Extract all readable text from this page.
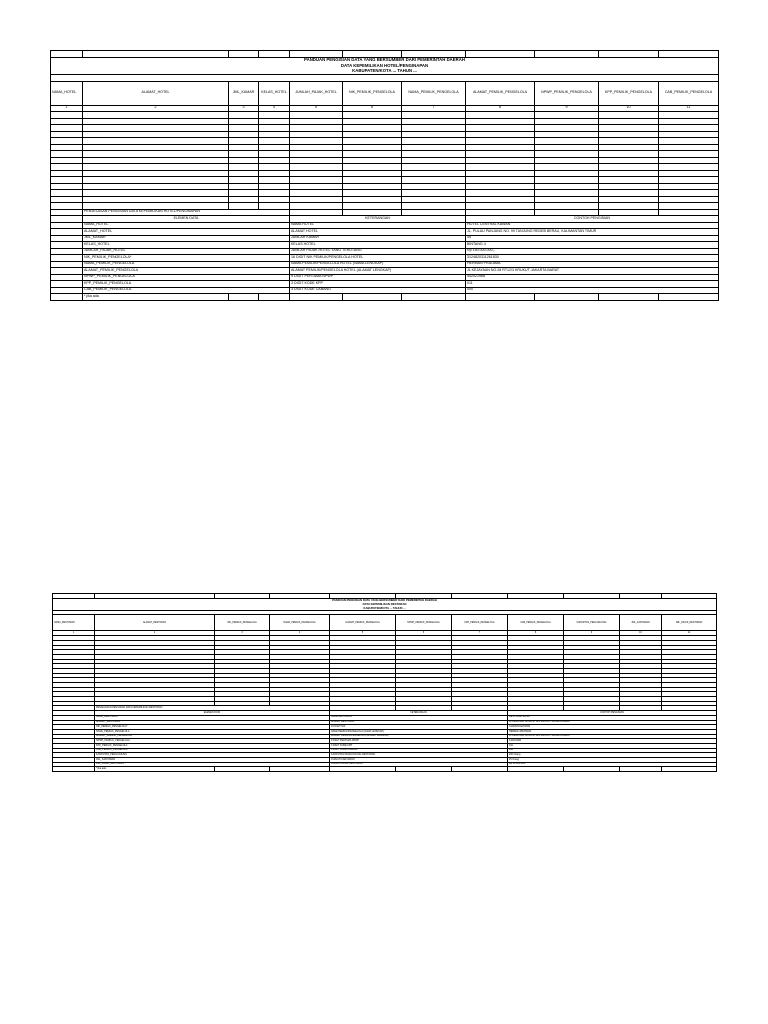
PANDUAN PENGISIAN DATA YANG BERSUMBER DARI PEMERINTAH DAERAH										
DATA KEPEMILIKAN HOTEL/PENGINAPAN										
KABUPATEN/KOTA ... TAHUN ...										

NAMA_HOTEL	ALAMAT_HOTEL	JML_KAMAR	KELAS_HOTEL	JUMLAH_PAJAK_HOTEL	NIK_PEMILIK_PENGELOLA	NAMA_PEMILIK_PENGELOLA	ALAMAT_PEMILIK_PENGELOLA	NPWP_PEMILIK_PENGELOLA	KPP_PEMILIK_PENGELOLA	CAB_PEMILIK_PENGELOLA
1	2	3	4	5	6	7	8	9	10	11

	PENJELASAN PENGISIAN DATA KEPEMILIKAN HOTEL/PENGINAPAN									
	ELEMEN DATA			KETERANGAN			CONTOH PENGISIAN			
	NAMA_HOTEL			NAMA HOTEL			HOTEL CENTRAL KAWAN			
	ALAMAT_HOTEL			ALAMAT HOTEL			JL. PULAU PANJANG NO. 99 TANJUNG REDEB BERAU, KALIMANTAN TIMUR			
	JML_KAMAR			JUMLAH KAMAR			45			
	KELAS_HOTEL			KELAS HOTEL			BINTANG 4			
	JUMLAH_PAJAK_HOTEL			JUMLAH PAJAK HOTEL YANG TERUTANG			Rp 150.000.000,-			
	NIK_PEMILIK_PENGELOLA*			16 DIGIT NIK PEMILIK/PENGELOLA HOTEL			3124820311261830			
	NAMA_PEMILIK_PENGELOLA			NAMA PEMILIK/PENGELOLA HOTEL (NAMA LENGKAP)			HERMAN PRATAMA			
	ALAMAT_PEMILIK_PENGELOLA			ALAMAT PEMILIK/PENGELOLA HOTEL (ALAMAT LENGKAP)			JL KEJAYAAN NO.28 RT12/3 KRUKUT JAKARTA BARAT			
	NPWP_PEMILIK_PENGELOLA			9 DIGIT PERTAMA NPWP			442021968			
	KPP_PEMILIK_PENGELOLA			3 DIGIT KODE KPP			011			
	CAB_PEMILIK_PENGELOLA			3 DIGIT KODE CABANG			000			
	* jika ada									

PANDUAN PENGISIAN DATA YANG BERSUMBER DARI PEMERINTAH DAERAH										
DATA KEPEMILIKAN RESTORAN										
KABUPATEN/KOTA ... TAHUN ...										

NAMA_RESTORAN	ALAMAT_RESTORAN	NIK_PEMILIK_PENGELOLA	NAMA_PEMILIK_PENGELOLA	ALAMAT_PEMILIK_PENGELOLA	NPWP_PEMILIK_PENGELOLA	KPP_PEMILIK_PENGELOLA	CAB_PEMILIK_PENGELOLA	KAPASITAS_PENGUNJUNG	JML_KARYAWAN	JML_PAJAK_RESTORAN
1	2	3	4	5	6	7	8	9	10	11

	PENJELASAN PENGISIAN DATA KEPEMILIKAN RESTORAN									
	ELEMEN DATA			KETERANGAN			CONTOH PENGISIAN			
	NAMA_RESTORAN			NAMA RESTORAN			RESTORAN RASA			
	ALAMAT_RESTORAN			ALAMAT RESTORAN			JL KEJAYAAN NO.28 RT12/3 KRUKUT JAKARTA BARAT			
	NIK_PEMILIK_PENGELOLA*			16 DIGIT NIK			3124820311261830			
	NAMA_PEMILIK_PENGELOLA			NAMA PEMILIK/PENGELOLA (NAMA LENGKAP)			HERMAN PRATAMA			
	ALAMAT_PEMILIK_PENGELOLA			ALAMAT PEMILIK/PENGELOLA (ALAMAT LENGKAP)			JL KEJAYAAN NO.28 RT12/3 KRUKUT JAKARTA BARAT			
	NPWP_PEMILIK_PENGELOLA			9 DIGIT PERTAMA NPWP			442021968			
	KPP_PEMILIK_PENGELOLA			3 DIGIT KODE KPP			011			
	CAB_PEMILIK_PENGELOLA			3 DIGIT KODE CABANG			000			
	KAPASITAS_PENGUNJUNG			KAPASITAS PENGUNJUNG RESTORAN			200 Orang			
	JML_KARYAWAN			JUMLAH KARYAWAN			25 Orang			
	JML_PAJAK_RESTORAN			JUMLAH PAJAK RESTORAN			Rp 50.000.000,-			
	* jika ada									
